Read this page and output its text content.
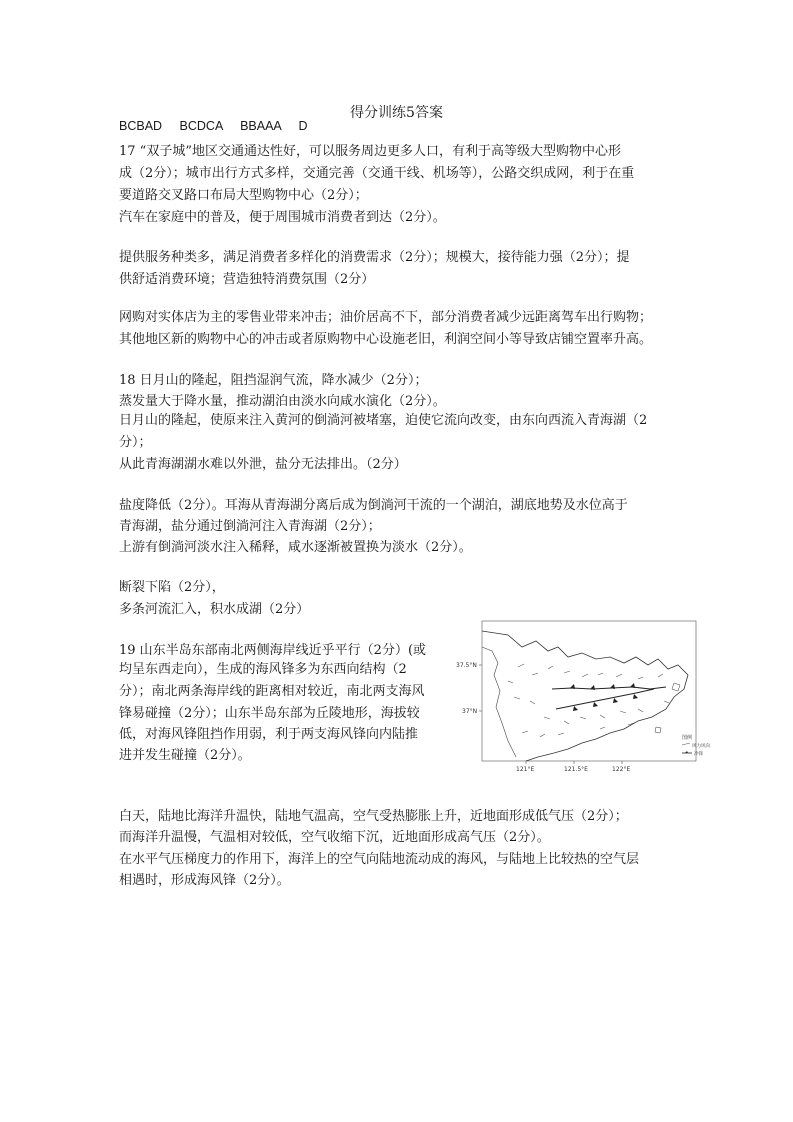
得分训练5答案
BCBAD BCDCA BBAAA D
17 “双子城”地区交通通达性好，可以服务周边更多人口，有利于高等级大型购物中心形
成（2分）；城市出行方式多样，交通完善（交通干线、机场等），公路交织成网，利于在重
要道路交叉路口布局大型购物中心（2分）；
汽车在家庭中的普及，便于周围城市消费者到达（2分）。
提供服务种类多，满足消费者多样化的消费需求（2分）；规模大，接待能力强（2分）；提
供舒适消费环境；营造独特消费氛围（2分）
网购对实体店为主的零售业带来冲击；油价居高不下，部分消费者减少远距离驾车出行购物；
其他地区新的购物中心的冲击或者原购物中心设施老旧，利润空间小等导致店铺空置率升高。
18 日月山的隆起，阻挡湿润气流，降水减少（2分）；
蒸发量大于降水量，推动湖泊由淡水向咸水演化（2分）。
日月山的隆起，使原来注入黄河的倒淌河被堵塞，迫使它流向改变，由东向西流入青海湖（2
分）；
从此青海湖湖水难以外泄，盐分无法排出。（2分）
盐度降低（2分）。耳海从青海湖分离后成为倒淌河干流的一个湖泊，湖底地势及水位高于
青海湖，盐分通过倒淌河注入青海湖（2分）；
上游有倒淌河淡水注入稀释，咸水逐渐被置换为淡水（2分）。
断裂下陷（2分），
多条河流汇入，积水成湖（2分）
19 山东半岛东部南北两侧海岸线近乎平行（2分）(或
均呈东西走向），生成的海风锋多为东西向结构（2
分）；南北两条海岸线的距离相对较近，南北两支海风
锋易碰撞（2分）；山东半岛东部为丘陵地形，海拔较
低，对海风锋阻挡作用弱，利于两支海风锋向内陆推
进并发生碰撞（2分）。
37.5°N
37°N
121°E	121.5°E	122°E
图例
风力风向
冷锋
白天，陆地比海洋升温快，陆地气温高，空气受热膨胀上升，近地面形成低气压（2分）；
而海洋升温慢，气温相对较低，空气收缩下沉，近地面形成高气压（2分）。
在水平气压梯度力的作用下，海洋上的空气向陆地流动成的海风，与陆地上比较热的空气层
相遇时，形成海风锋（2分）。
